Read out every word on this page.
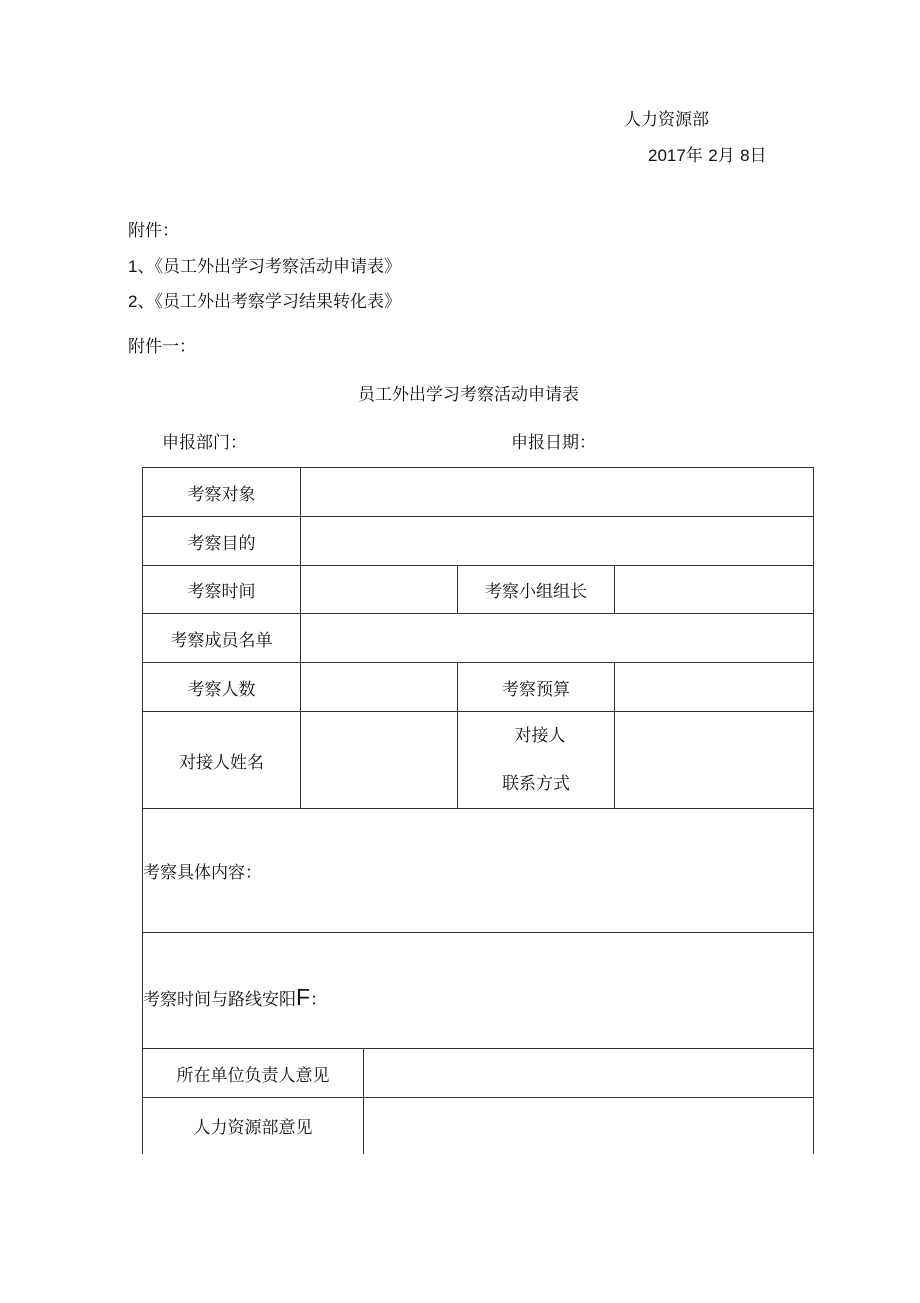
人力资源部
2017年 2月 8日
附件：
1、《员工外出学习考察活动申请表》
2、《员工外出考察学习结果转化表》
附件一：
员工外出学习考察活动申请表
申报部门：	申报日期：
考察对象				
考察目的				
考察时间			考察小组组长	
考察成员名单				
考察人数			考察预算	
对接人姓名			对接人
联系方式	

考察具体内容：				
考察时间与路线安阳F：				
所在单位负责人意见				
人力资源部意见				
